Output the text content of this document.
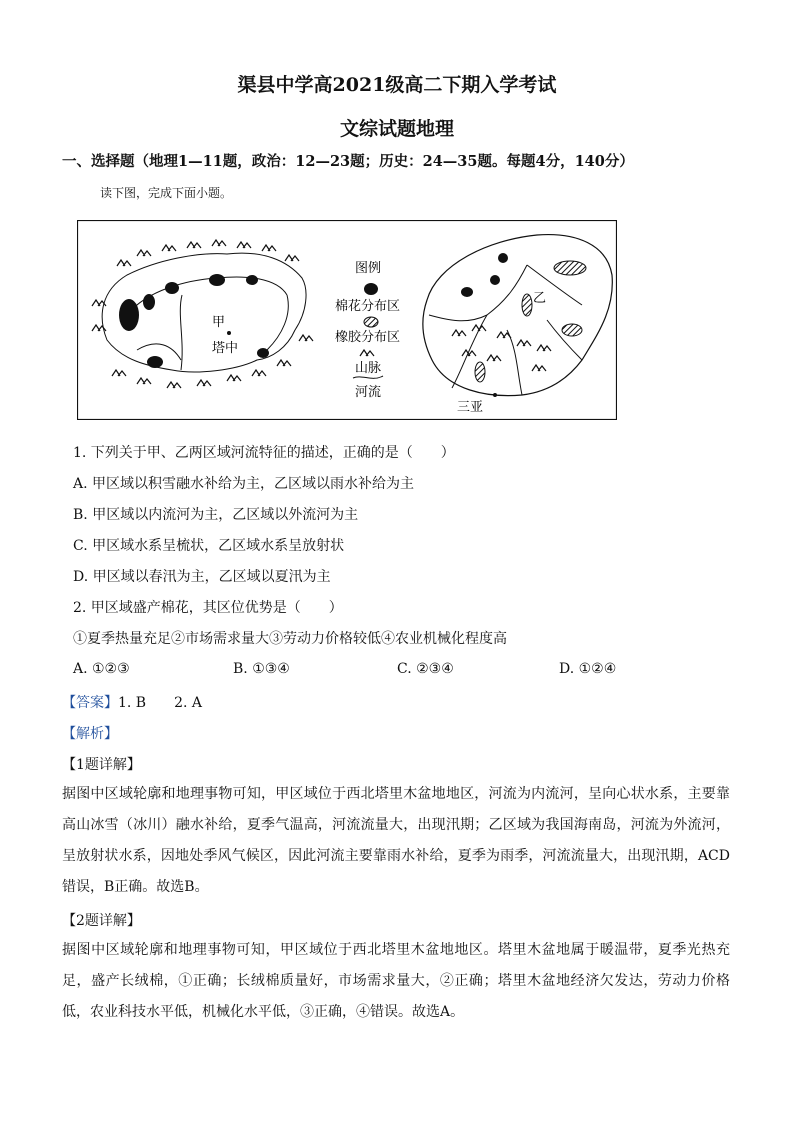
渠县中学高2021级高二下期入学考试
文综试题地理
一、选择题（地理1—11题，政治：12—23题；历史：24—35题。每题4分，140分）
读下图，完成下面小题。
甲
塔中
图例
棉花分布区
橡胶分布区
山脉
河流
乙
三亚
1. 下列关于甲、乙两区域河流特征的描述，正确的是（　　）
A. 甲区域以积雪融水补给为主，乙区域以雨水补给为主
B. 甲区域以内流河为主，乙区域以外流河为主
C. 甲区域水系呈梳状，乙区域水系呈放射状
D. 甲区域以春汛为主，乙区域以夏汛为主
2. 甲区域盛产棉花，其区位优势是（　　）
①夏季热量充足②市场需求量大③劳动力价格较低④农业机械化程度高
A. ①②③	B. ①③④	C. ②③④	D. ①②④
【答案】1. B　　2. A
【解析】
【1题详解】
据图中区域轮廓和地理事物可知，甲区域位于西北塔里木盆地地区，河流为内流河，呈向心状水系，主要靠高山冰雪（冰川）融水补给，夏季气温高，河流流量大，出现汛期；乙区域为我国海南岛，河流为外流河，呈放射状水系，因地处季风气候区，因此河流主要靠雨水补给，夏季为雨季，河流流量大，出现汛期，ACD错误，B正确。故选B。
【2题详解】
据图中区域轮廓和地理事物可知，甲区域位于西北塔里木盆地地区。塔里木盆地属于暖温带，夏季光热充足，盛产长绒棉，①正确；长绒棉质量好，市场需求量大，②正确；塔里木盆地经济欠发达，劳动力价格低，农业科技水平低，机械化水平低，③正确，④错误。故选A。
